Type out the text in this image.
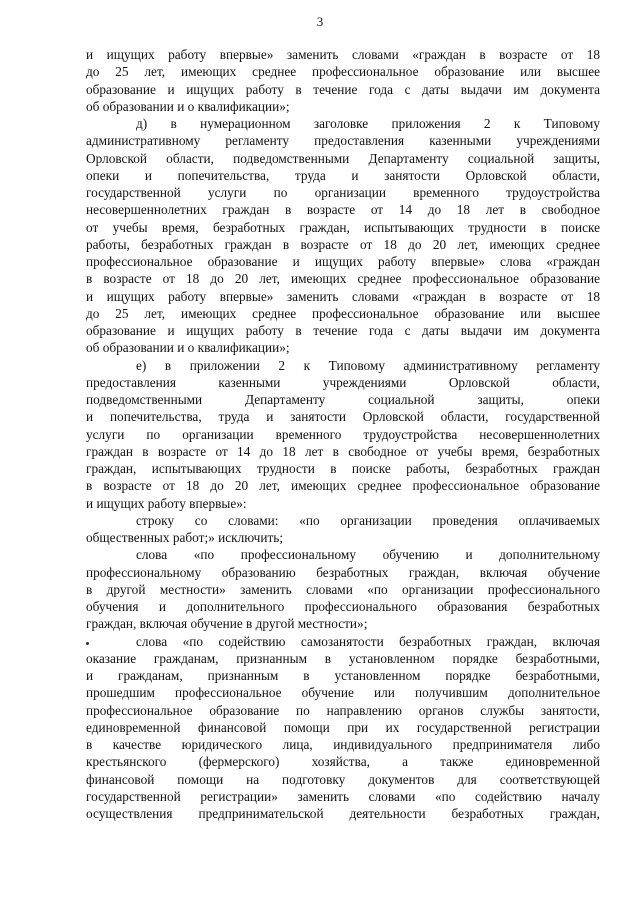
3
и ищущих работу впервые» заменить словами «граждан в возрасте от 18
до 25 лет, имеющих среднее профессиональное образование или высшее
образование и ищущих работу в течение года с даты выдачи им документа
об образовании и о квалификации»;
д) в нумерационном заголовке приложения 2 к Типовому
административному регламенту предоставления казенными учреждениями
Орловской области, подведомственными Департаменту социальной защиты,
опеки и попечительства, труда и занятости Орловской области,
государственной услуги по организации временного трудоустройства
несовершеннолетних граждан в возрасте от 14 до 18 лет в свободное
от учебы время, безработных граждан, испытывающих трудности в поиске
работы, безработных граждан в возрасте от 18 до 20 лет, имеющих среднее
профессиональное образование и ищущих работу впервые» слова «граждан
в возрасте от 18 до 20 лет, имеющих среднее профессиональное образование
и ищущих работу впервые» заменить словами «граждан в возрасте от 18
до 25 лет, имеющих среднее профессиональное образование или высшее
образование и ищущих работу в течение года с даты выдачи им документа
об образовании и о квалификации»;
е) в приложении 2 к Типовому административному регламенту
предоставления казенными учреждениями Орловской области,
подведомственными Департаменту социальной защиты, опеки
и попечительства, труда и занятости Орловской области, государственной
услуги по организации временного трудоустройства несовершеннолетних
граждан в возрасте от 14 до 18 лет в свободное от учебы время, безработных
граждан, испытывающих трудности в поиске работы, безработных граждан
в возрасте от 18 до 20 лет, имеющих среднее профессиональное образование
и ищущих работу впервые»:
строку со словами: «по организации проведения оплачиваемых
общественных работ;» исключить;
слова «по профессиональному обучению и дополнительному
профессиональному образованию безработных граждан, включая обучение
в другой местности» заменить словами «по организации профессионального
обучения и дополнительного профессионального образования безработных
граждан, включая обучение в другой местности»;
слова «по содействию самозанятости безработных граждан, включая
оказание гражданам, признанным в установленном порядке безработными,
и гражданам, признанным в установленном порядке безработными,
прошедшим профессиональное обучение или получившим дополнительное
профессиональное образование по направлению органов службы занятости,
единовременной финансовой помощи при их государственной регистрации
в качестве юридического лица, индивидуального предпринимателя либо
крестьянского (фермерского) хозяйства, а также единовременной
финансовой помощи на подготовку документов для соответствующей
государственной регистрации» заменить словами «по содействию началу
осуществления предпринимательской деятельности безработных граждан,
